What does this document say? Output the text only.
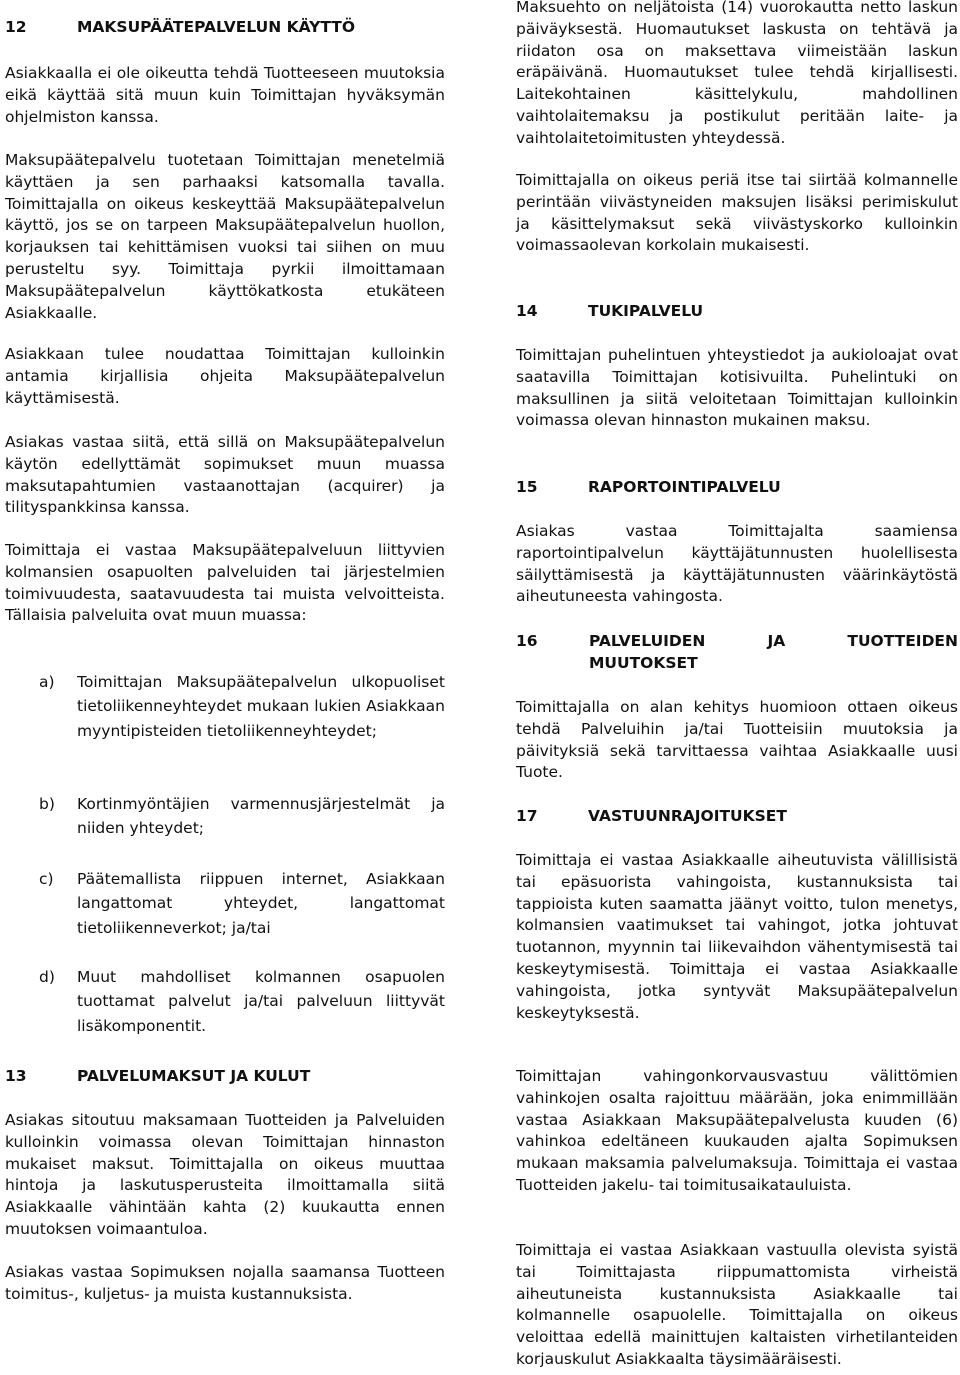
12	MAKSUPÄÄTEPALVELUN KÄYTTÖ

Asiakkaalla ei ole oikeutta tehdä Tuotteeseen muutoksia eikä käyttää sitä muun kuin Toimittajan hyväksymän ohjelmiston kanssa.

Maksupäätepalvelu tuotetaan Toimittajan menetelmiä käyttäen ja sen parhaaksi katsomalla tavalla. Toimittajalla on oikeus keskeyttää Maksupäätepalvelun käyttö, jos se on tarpeen Maksupäätepalvelun huollon, korjauksen tai kehittämisen vuoksi tai siihen on muu perusteltu syy. Toimittaja pyrkii ilmoittamaan Maksupäätepalvelun käyttökatkosta etukäteen Asiakkaalle.

Asiakkaan tulee noudattaa Toimittajan kulloinkin antamia kirjallisia ohjeita Maksupäätepalvelun käyttämisestä.

Asiakas vastaa siitä, että sillä on Maksupäätepalvelun käytön edellyttämät sopimukset muun muassa maksutapahtumien vastaanottajan (acquirer) ja tilityspankkinsa kanssa.

Toimittaja ei vastaa Maksupäätepalveluun liittyvien kolmansien osapuolten palveluiden tai järjestelmien toimivuudesta, saatavuudesta tai muista velvoitteista. Tällaisia palveluita ovat muun muassa:

a) Toimittajan Maksupäätepalvelun ulkopuoliset tietoliikenneyhteydet mukaan lukien Asiakkaan myyntipisteiden tietoliikenneyhteydet;
b) Kortinmyöntäjien varmennusjärjestelmät ja niiden yhteydet;
c) Päätemallista riippuen internet, Asiakkaan langattomat yhteydet, langattomat tietoliikenneverkot; ja/tai
d) Muut mahdolliset kolmannen osapuolen tuottamat palvelut ja/tai palveluun liittyvät lisäkomponentit.
13	PALVELUMAKSUT JA KULUT

Asiakas sitoutuu maksamaan Tuotteiden ja Palveluiden kulloinkin voimassa olevan Toimittajan hinnaston mukaiset maksut. Toimittajalla on oikeus muuttaa hintoja ja laskutusperusteita ilmoittamalla siitä Asiakkaalle vähintään kahta (2) kuukautta ennen muutoksen voimaantuloa.

Asiakas vastaa Sopimuksen nojalla saamansa Tuotteen toimitus-, kuljetus- ja muista kustannuksista.

Maksuehto on neljätoista (14) vuorokautta netto laskun päiväyksestä. Huomautukset laskusta on tehtävä ja riidaton osa on maksettava viimeistään laskun eräpäivänä. Huomautukset tulee tehdä kirjallisesti. Laitekohtainen käsittelykulu, mahdollinen vaihtolaitemaksu ja postikulut peritään laite- ja vaihtolaitetoimitusten yhteydessä.

Toimittajalla on oikeus periä itse tai siirtää kolmannelle perintään viivästyneiden maksujen lisäksi perimiskulut ja käsittelymaksut sekä viivästyskorko kulloinkin voimassaolevan korkolain mukaisesti.

14	TUKIPALVELU

Toimittajan puhelintuen yhteystiedot ja aukioloajat ovat saatavilla Toimittajan kotisivuilta. Puhelintuki on maksullinen ja siitä veloitetaan Toimittajan kulloinkin voimassa olevan hinnaston mukainen maksu.

15	RAPORTOINTIPALVELU

Asiakas vastaa Toimittajalta saamiensa raportointipalvelun käyttäjätunnusten huolellisesta säilyttämisestä ja käyttäjätunnusten väärinkäytöstä aiheutuneesta vahingosta.

16	PALVELUIDEN JA TUOTTEIDEN
MUUTOKSET

Toimittajalla on alan kehitys huomioon ottaen oikeus tehdä Palveluihin ja/tai Tuotteisiin muutoksia ja päivityksiä sekä tarvittaessa vaihtaa Asiakkaalle uusi Tuote.

17	VASTUUNRAJOITUKSET

Toimittaja ei vastaa Asiakkaalle aiheutuvista välillisistä tai epäsuorista vahingoista, kustannuksista tai tappioista kuten saamatta jäänyt voitto, tulon menetys, kolmansien vaatimukset tai vahingot, jotka johtuvat tuotannon, myynnin tai liikevaihdon vähentymisestä tai keskeytymisestä. Toimittaja ei vastaa Asiakkaalle vahingoista, jotka syntyvät Maksupäätepalvelun keskeytyksestä.

Toimittajan vahingonkorvausvastuu välittömien vahinkojen osalta rajoittuu määrään, joka enimmillään vastaa Asiakkaan Maksupäätepalvelusta kuuden (6) vahinkoa edeltäneen kuukauden ajalta Sopimuksen mukaan maksamia palvelumaksuja. Toimittaja ei vastaa Tuotteiden jakelu- tai toimitusaikatauluista.

Toimittaja ei vastaa Asiakkaan vastuulla olevista syistä tai Toimittajasta riippumattomista virheistä aiheutuneista kustannuksista Asiakkaalle tai kolmannelle osapuolelle. Toimittajalla on oikeus veloittaa edellä mainittujen kaltaisten virhetilanteiden korjauskulut Asiakkaalta täysimääräisesti.
